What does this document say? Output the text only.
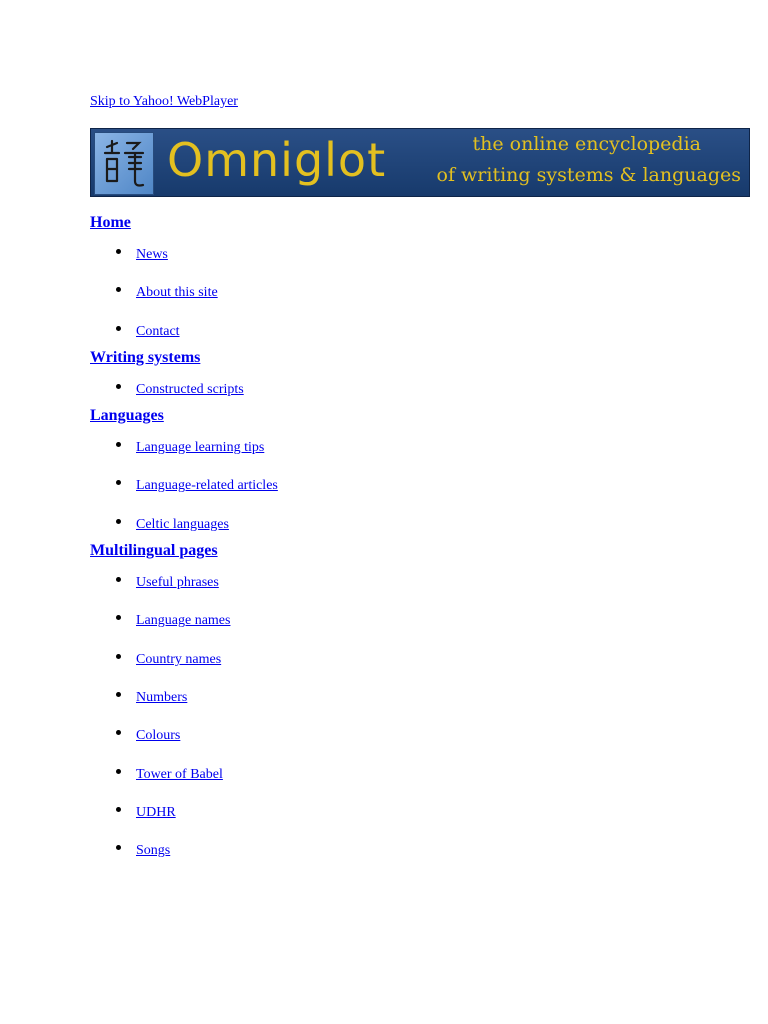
Skip to Yahoo! WebPlayer
Omniglot	the online encyclopedia
of writing systems & languages
Home
News
About this site
Contact
Writing systems
Constructed scripts
Languages
Language learning tips
Language-related articles
Celtic languages
Multilingual pages
Useful phrases
Language names
Country names
Numbers
Colours
Tower of Babel
UDHR
Songs
